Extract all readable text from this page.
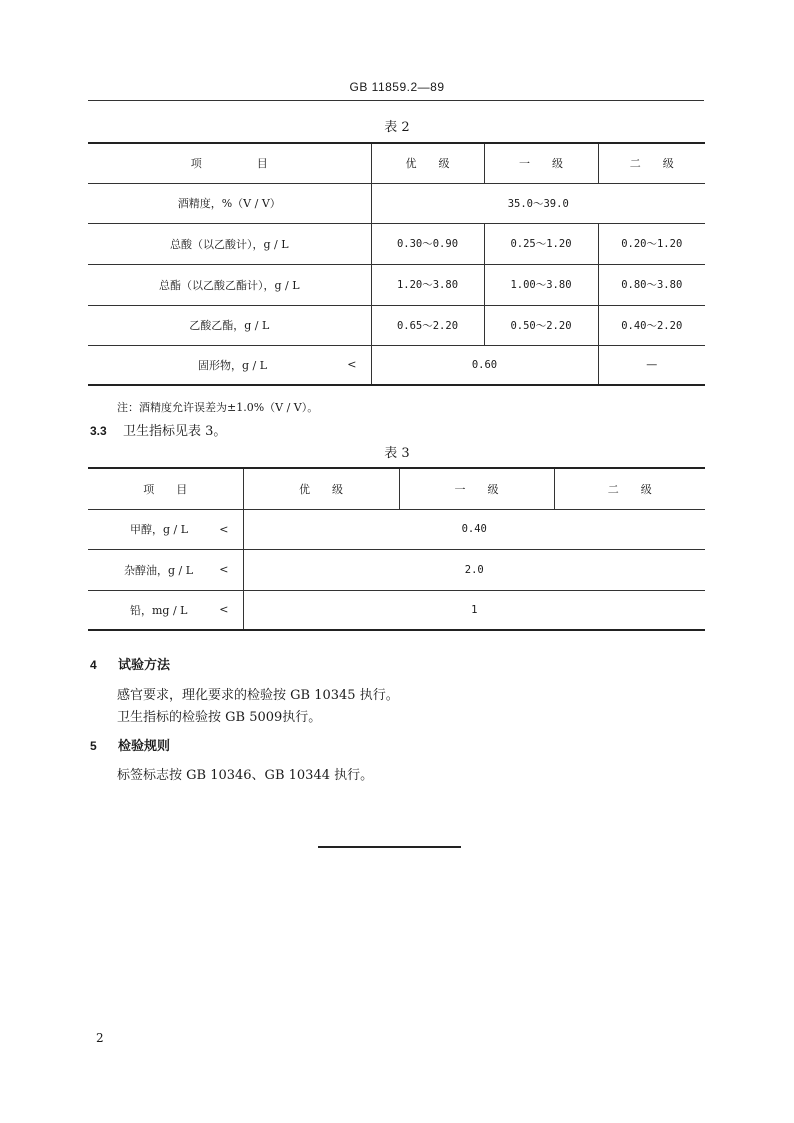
GB 11859.2—89
表 2
项　　　　　目	优　　级	一　　级	二　　级
酒精度，%（V / V）	35.0～39.0		
总酸（以乙酸计），g / L	0.30～0.90	0.25～1.20	0.20～1.20
总酯（以乙酸乙酯计），g / L	1.20～3.80	1.00～3.80	0.80～3.80
乙酸乙酯，g / L	0.65～2.20	0.50～2.20	0.40～2.20

固形物，g / L <	0.60		—
注：酒精度允许误差为±1.0%（V / V）。
3.3 卫生指标见表 3。
表 3
项　　目	优　　级	一　　级	二　　级

甲醇，g / L <	0.40		

杂醇油，g / L <	2.0		

铅，mg / L <	1		
4 试验方法
感官要求，理化要求的检验按 GB 10345 执行。
卫生指标的检验按 GB 5009执行。
5 检验规则
标签标志按 GB 10346、GB 10344 执行。
2
